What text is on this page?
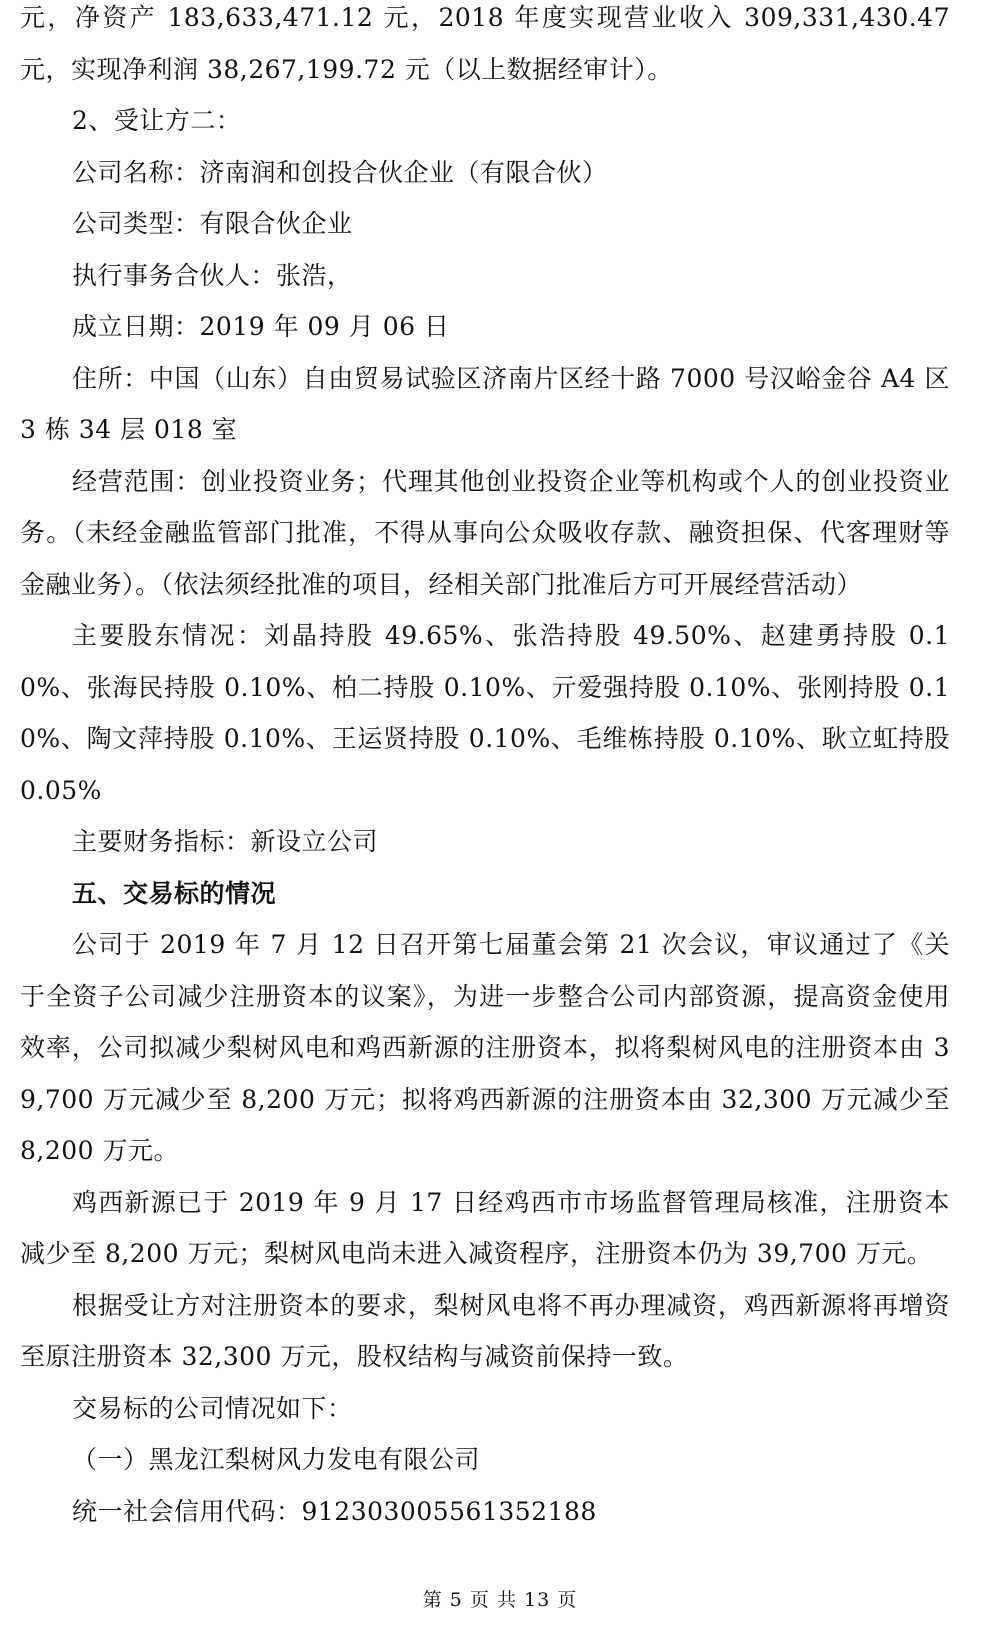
元，净资产 183,633,471.12 元，2018 年度实现营业收入 309,331,430.47 元，实现净利润 38,267,199.72 元（以上数据经审计）。

2、受让方二：

公司名称：济南润和创投合伙企业（有限合伙）

公司类型：有限合伙企业

执行事务合伙人：张浩，

成立日期：2019 年 09 月 06 日

住所：中国（山东）自由贸易试验区济南片区经十路 7000 号汉峪金谷 A4 区 3 栋 34 层 018 室

经营范围：创业投资业务；代理其他创业投资企业等机构或个人的创业投资业务。（未经金融监管部门批准，不得从事向公众吸收存款、融资担保、代客理财等金融业务）。（依法须经批准的项目，经相关部门批准后方可开展经营活动）

主要股东情况：刘晶持股 49.65%、张浩持股 49.50%、赵建勇持股 0.10%、张海民持股 0.10%、柏二持股 0.10%、亓爱强持股 0.10%、张刚持股 0.10%、陶文萍持股 0.10%、王运贤持股 0.10%、毛维栋持股 0.10%、耿立虹持股 0.05%

主要财务指标：新设立公司

五、交易标的情况

公司于 2019 年 7 月 12 日召开第七届董会第 21 次会议，审议通过了《关于全资子公司减少注册资本的议案》，为进一步整合公司内部资源，提高资金使用效率，公司拟减少梨树风电和鸡西新源的注册资本，拟将梨树风电的注册资本由 39,700 万元减少至 8,200 万元；拟将鸡西新源的注册资本由 32,300 万元减少至 8,200 万元。

鸡西新源已于 2019 年 9 月 17 日经鸡西市市场监督管理局核准，注册资本减少至 8,200 万元；梨树风电尚未进入减资程序，注册资本仍为 39,700 万元。

根据受让方对注册资本的要求，梨树风电将不再办理减资，鸡西新源将再增资至原注册资本 32,300 万元，股权结构与减资前保持一致。

交易标的公司情况如下：

（一）黑龙江梨树风力发电有限公司

统一社会信用代码：912303005561352188

第 5 页 共 13 页
